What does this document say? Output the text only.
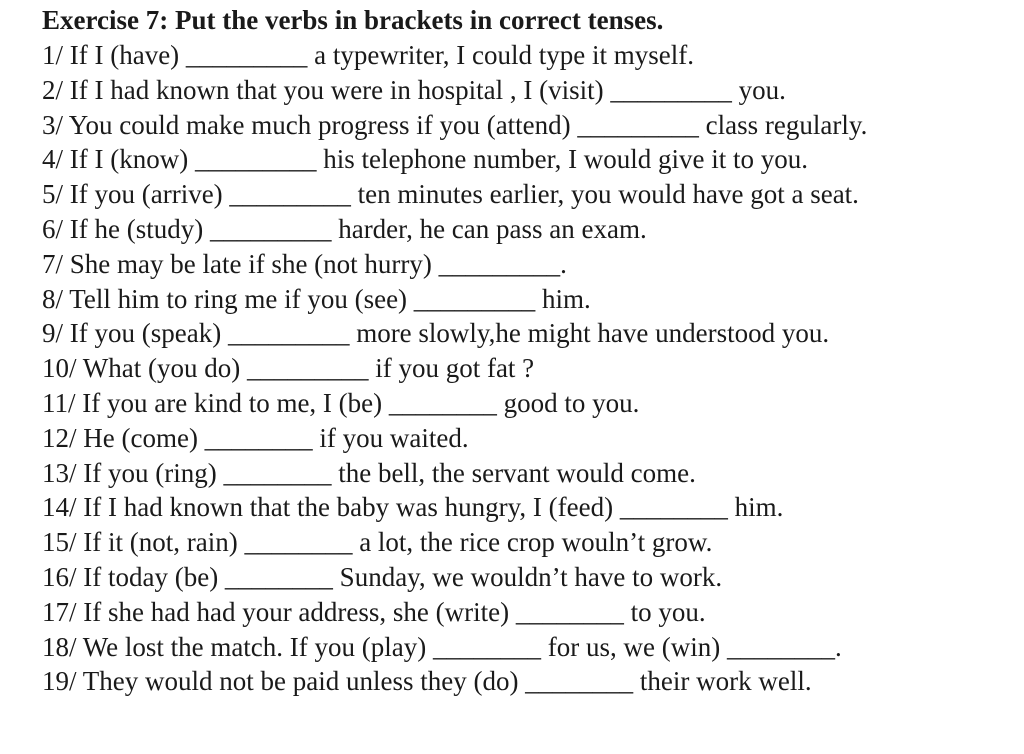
Exercise 7: Put the verbs in brackets in correct tenses.
1/ If I (have) _________ a typewriter, I could type it myself.
2/ If I had known that you were in hospital , I (visit) _________ you.
3/ You could make much progress if you (attend) _________ class regularly.
4/ If I (know) _________ his telephone number, I would give it to you.
5/ If you (arrive) _________ ten minutes earlier, you would have got a seat.
6/ If he (study) _________ harder, he can pass an exam.
7/ She may be late if she (not hurry) _________.
8/ Tell him to ring me if you (see) _________ him.
9/ If you (speak) _________ more slowly,he might have understood you.
10/ What (you do) _________ if you got fat ?
11/ If you are kind to me, I (be) ________ good to you.
12/ He (come) ________ if you waited.
13/ If you (ring) ________ the bell, the servant would come.
14/ If I had known that the baby was hungry, I (feed) ________ him.
15/ If it (not, rain) ________ a lot, the rice crop wouln’t grow.
16/ If today (be) ________ Sunday, we wouldn’t have to work.
17/ If she had had your address, she (write) ________ to you.
18/ We lost the match. If you (play) ________ for us, we (win) ________.
19/ They would not be paid unless they (do) ________ their work well.
